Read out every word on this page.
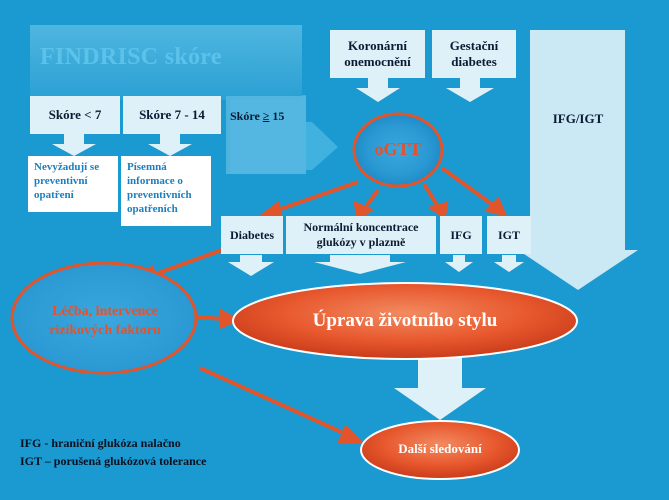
FINDRISC skóre
Skóre < 7	Skóre 7 - 14	Skóre ≥ 15
Nevyžadují se preventivní opatření
Písemná informace o preventivních opatřeních
Koronární onemocnění
Gestační diabetes
IFG/IGT
oGTT
Diabetes
Normální koncentrace glukózy v plazmě	IFG	IGT
Léčba, intervence rizikových faktoru	Úprava životního stylu
Další sledování
IFG - hraniční glukóza nalačno
IGT – porušená glukózová tolerance
